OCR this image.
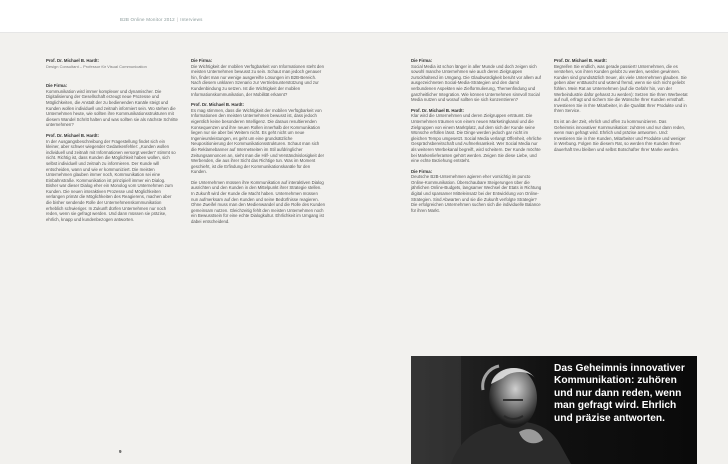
B2B Online Monitor 2012 | Interviews

Prof. Dr. Michael B. Hardt:

Design Consultant – Professor für Visual Communication

Die Firma:

Kommunikation wird immer komplexer und dynamischer. Die Digitalisierung der Gesellschaft erzeugt neue Prozesse und Möglichkeiten, die Anstalt der zu bedienenden Kanäle steigt und Kunden wollen individuell und zeitnah informiert sein. Wo stehen die Unternehmen heute, wie sollten ihre Kommunikationsstrukturen mit diesem Wandel Schritt halten und was sollten sie als nächste Schritte unternehmen?

Prof. Dr. Michael B. Hardt:

In der Ausgangsbeschreibung der Fragestellung findet sich ein kleiner, aber schwer wiegender Gedankenfehler: „Kunden wollen individuell und zeitnah mit Informationen versorgt werden“ stimmt so nicht. Richtig ist, dass Kunden die Möglichkeit haben wollen, sich selbst individuell und zeitnah zu informieren. Der Kunde will entscheiden, wann und wie er kommuniziert. Die meisten Unternehmen glauben immer noch, Kommunikation sei eine Einbahnstraße. Kommunikation ist prinzipiell immer ein Dialog. Bisher war dieser Dialog eher ein Monolog vom Unternehmen zum Kunden. Die neuen interaktiven Prozesse und Möglichkeiten verlangen primär die Möglichkeiten des Reagierens, machen aber die bisher sendende Rolle der Unternehmenskommunikation erheblich schwieriger. In Zukunft dürfen Unternehmen nur noch reden, wenn sie gefragt werden. Und dann müssen sie präzise, ehrlich, knapp und kundenbezogen antworten.

Die Firma:

Die Wichtigkeit der mobilen Verfügbarkeit von Informationen steht den meisten Unternehmen bewusst zu sein. Schaut man jedoch genauer hin, findet man nur wenige ausgereifte Lösungen im B2B-Bereich. Nach diesem unklaren Szenario zur Vertriebsunterstützung und zur Kundenbindung zu setzen. Ist die Wichtigkeit der mobilen Informationskommunikation, der Mobilität erkannt?

Prof. Dr. Michael B. Hardt:

Es mag stimmen, dass die Wichtigkeit der mobilen Verfügbarkeit von Informationen den meisten Unternehmen bewusst ist, dass jedoch eigentlich keine besonderen Intelligenz. Die daraus resultierenden Konsequenzen und ihre neuen Rollen innerhalb der Kommunikation liegen nur sie aber bei Weitem nicht. Es geht nicht um neue Ingenieursleistungen, es geht um eine grundsätzliche Neupositionierung der Kommunikationsstrukturen. Schaut man sich die Reklamebanner auf Internetseiten im Stil aufdringlicher Zeitungsannoncen an, sieht man die Hilf- und Verständnislosigkeit der Werbenden, die aus ihrer Sicht das Richtige tun. Was im Moment geschieht, ist die Erfindung der Kommunikationskanäle für den Kunden.

Die Unternehmen müssen ihre Kommunikation auf interaktiven Dialog ausrichten und den Kunden in den Mittelpunkt ihrer Strategie stellen. In Zukunft wird der Kunde die Macht haben. Unternehmen müssen nun aufmerksam auf den Kunden und seine Bedürfnisse reagieren. Ohne Zweifel muss man den Medienwandel und die Rolle des Kunden gemeinsam nutzen. Gleichzeitig fehlt den meisten Unternehmen noch ein Bewusstsein für eine echte Dialogkultur. Ehrlichkeit im Umgang ist dabei entscheidend.

Die Firma:

Social Media ist schon länger in aller Munde und doch zeigen sich sowohl manche Unternehmen wie auch deren Zielgruppen zurückhaltend im Umgang. Die Glaubwürdigkeit beruht vor allem auf ausgezeichneten Social-Media-Strategien und den damit verbundenen Aspekten wie Zielformulierung, Themenfindung und ganzheitlicher Integration. Wie können Unternehmen sinnvoll Social Media nutzen und worauf sollten sie sich konzentrieren?

Prof. Dr. Michael B. Hardt:

Klar wird die Unternehmen und deren Zielgruppen erträumt. Die Unternehmen träumen von einem neuen Marketingkanal und die Zielgruppen von einem Marktplatz, auf dem sich der Kunde seine Wünsche erfüllen lässt. Die Dinge werden jedoch gar nicht im gleichen Tempo umgesetzt. Social Media verlangt Offenheit, ehrliche Gesprächsbereitschaft und Aufmerksamkeit. Wer Social Media nur als weiteren Werbekanal begreift, wird scheitern. Der Kunde möchte bei Markenlieferanten gehört werden. Zeigen Sie diese Liebe, und eine echte Beziehung entsteht.

Die Firma:

Deutsche B2B-Unternehmen agieren eher vorsichtig im puncto Online-Kommunikation. Überschaubare Steigerungen über die jährlichen Online-Budgets, langsamer Wechsel der Etats in Richtung digital und sparsamer Mitteleinsatz bei der Entwicklung von Online-Strategien. Sind Abwarten und sie die Zukunft verfolgte Strategie? Die erfolgreichen Unternehmen suchen sich die individuelle Balance für ihren Markt.

Prof. Dr. Michael B. Hardt:

Begreifen Sie endlich, was gerade passiert! Unternehmen, die es verstehen, von ihren Kunden gelobt zu werden, werden gewinnen. Kunden sind grundsätzlich treuer, als viele Unternehmen glauben. Sie geben aber enttäuscht und wütend fremd, wenn sie sich nicht geliebt fühlen. Mein Rat an Unternehmen (auf die Gefahr hin, von der Werbeindustrie dafür gehasst zu werden): Setzen Sie Ihren Werbeetat auf null, erfragt und sichern Sie die Wünsche Ihrer Kunden ernsthaft. Investieren Sie in Ihre Mitarbeiter, in die Qualität Ihrer Produkte und in Ihren Service.

Es ist an der Zeit, ehrlich und offen zu kommunizieren. Das Geheimnis innovativer Kommunikation: zuhören und nur dann reden, wenn man gefragt wird. Ehrlich und präzise antworten. Und: Investieren Sie in Ihre Kunden, Mitarbeiter und Produkte und weniger in Werbung. Folgen Sie diesem Rat, so werden Ihre Kunden Ihnen dauerhaft treu bleiben und selbst Botschafter Ihrer Marke werden.

Das Geheimnis innovativer Kommunikation: zuhören und nur dann reden, wenn man gefragt wird. Ehrlich und präzise antworten.
9
